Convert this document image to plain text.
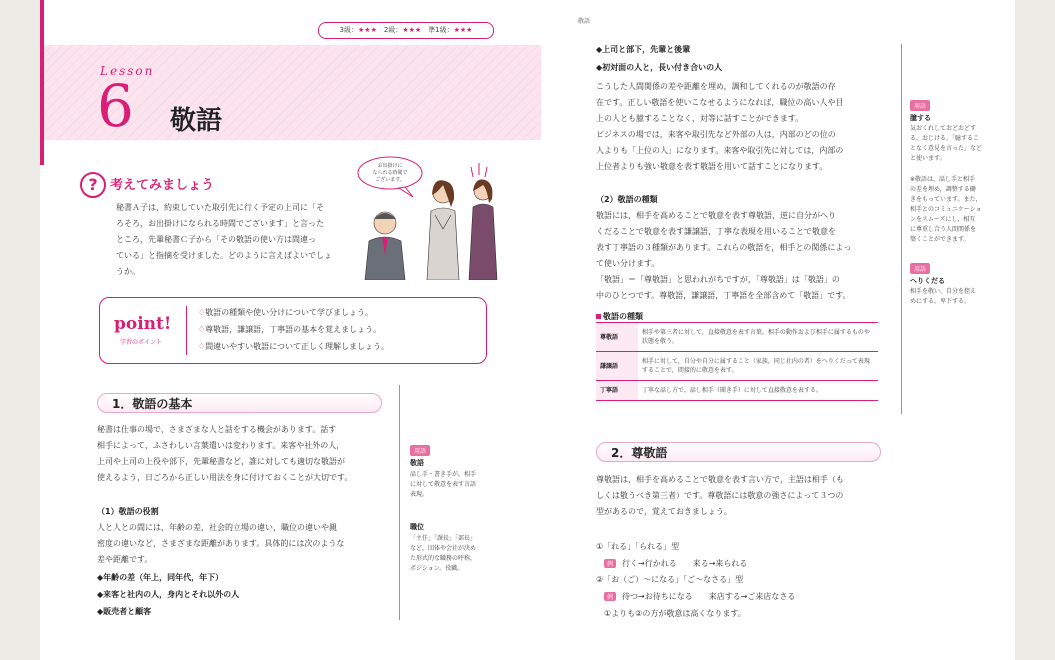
3級：★★★　2級：★★★　準1級：★★★
敬語
Lesson
6 敬語
? 考えてみましょう
秘書Ａ子は，約束していた取引先に行く予定の上司に「そ
ろそろ，お出掛けになられる時間でございます」と言った
ところ，先輩秘書Ｃ子から「その敬語の使い方は間違っ
ている」と指摘を受けました。どのように言えばよいでしょ
うか。
お出掛けに
なられる時間で
ございます。
point!
学習のポイント
♢ 敬語の種類や使い分けについて学びましょう。
♢ 尊敬語，謙譲語，丁寧語の基本を覚えましょう。
♢ 間違いやすい敬語について正しく理解しましょう。
1．敬語の基本
秘書は仕事の場で，さまざまな人と話をする機会があります。話す
相手によって，ふさわしい言葉遣いは変わります。来客や社外の人，
上司や上司の上役や部下，先輩秘書など，誰に対しても適切な敬語が
使えるよう，日ごろから正しい用法を身に付けておくことが大切です。
（1）敬語の役割
人と人との間には，年齢の差，社会的立場の違い，職位の違いや親
密度の違いなど，さまざまな距離があります。具体的には次のような
差や距離です。
◆年齢の差（年上，同年代，年下）
◆来客と社内の人，身内とそれ以外の人
◆販売者と顧客
用語
敬語
話し手・書き手が，相手
に対して敬意を表す言語
表現。
職位
「主任」「課長」「部長」
など，団体や会社が決め
た形式的な職務の呼称，
ポジション。役職。
◆上司と部下，先輩と後輩
◆初対面の人と，長い付き合いの人
こうした人間関係の差や距離を埋め，調和してくれるのが敬語の存
在です。正しい敬語を使いこなせるようになれば，職位の高い人や目
上の人とも臆することなく，対等に話すことができます。
ビジネスの場では，来客や取引先など外部の人は，内部のどの位の
人よりも「上位の人」になります。来客や取引先に対しては，内部の
上位者よりも強い敬意を表す敬語を用いて話すことになります。
（2）敬語の種類
敬語には，相手を高めることで敬意を表す尊敬語，逆に自分がへり
くだることで敬意を表す謙譲語，丁寧な表現を用いることで敬意を
表す丁寧語の３種類があります。これらの敬語を，相手との関係によっ
て使い分けます。
「敬語」＝「尊敬語」と思われがちですが，「尊敬語」は「敬語」の
中のひとつです。尊敬語，謙譲語，丁寧語を全部含めて「敬語」です。
敬語の種類
尊敬語	相手や第三者に対して，直接敬意を表す言葉。相手の動作および相手に属するものや状態を敬う。
謙譲語	相手に対して，自分や自分に属すること（家族，同じ社内の者）をへりくだって表現することで，間接的に敬意を表す。
丁寧語	丁寧な話し方で，話し相手（聞き手）に対して直接敬意を表する。
2．尊敬語
尊敬語は，相手を高めることで敬意を表す言い方で，主語は相手（も
しくは敬うべき第三者）です。尊敬語には敬意の強さによって３つの
型があるので，覚えておきましょう。
①「れる」「られる」型
例 行く→行かれる　　来る→来られる
②「お（ご）～になる」「ご～なさる」型
例 待つ→お待ちになる　　来店する→ご来店なさる
①よりも②の方が敬意は高くなります。
用語
臆する
気おくれしておどおどす
る，おじける。「臆するこ
となく意見を言った」など
と使います。
※敬語は，話し手と相手
の差を埋め，調整する働
きをもっています。また，
相手とのコミュニケーショ
ンをスムーズにし，相互
に尊重し合う人間関係を
築くことができます。
用語
へりくだる
相手を敬い，自分を控え
めにする。卑下する。
